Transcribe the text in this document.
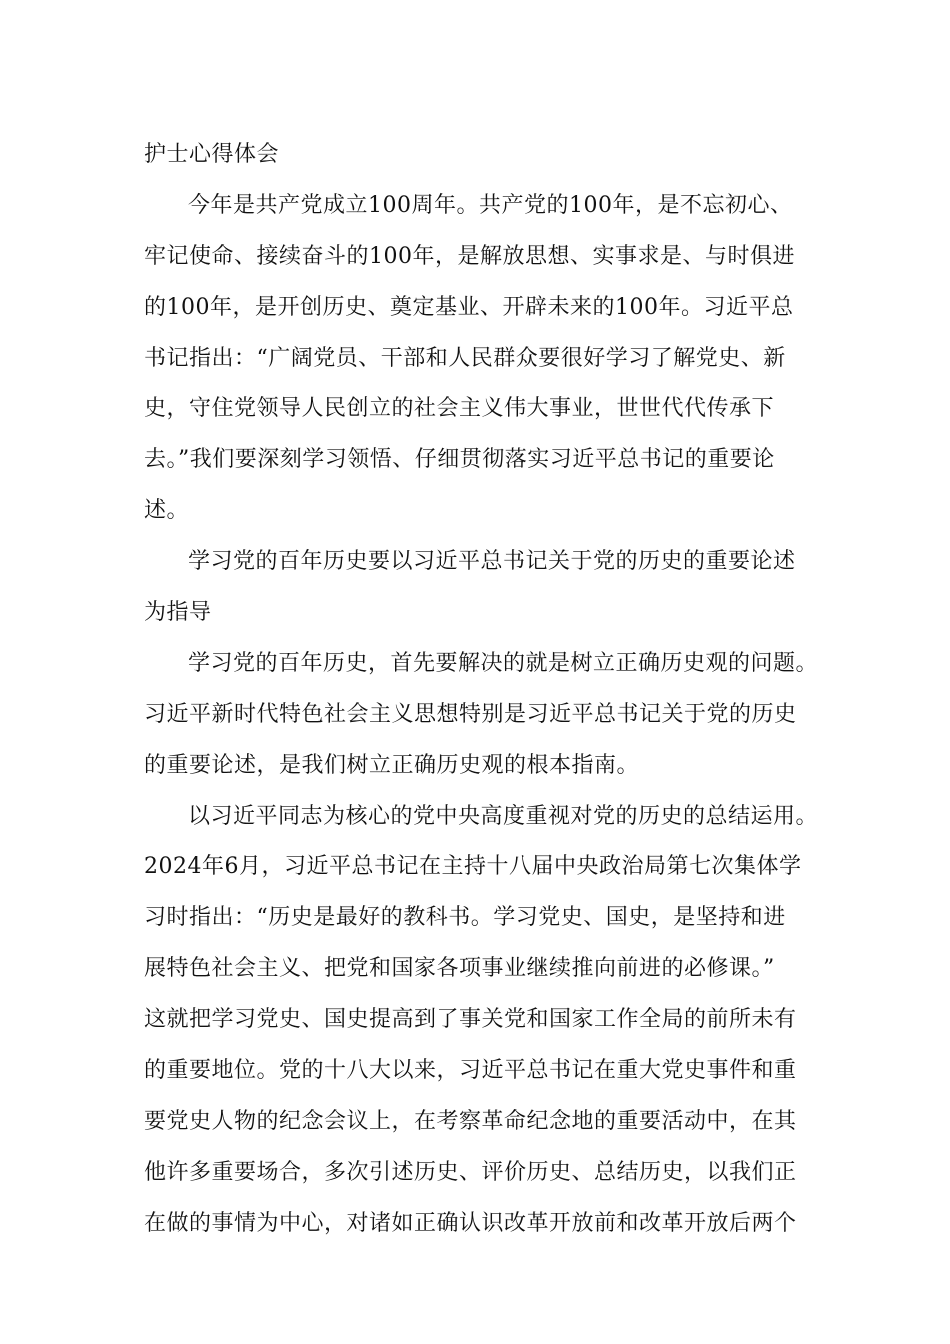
护士心得体会
今年是共产党成立100周年。共产党的100年，是不忘初心、
牢记使命、接续奋斗的100年，是解放思想、实事求是、与时俱进
的100年，是开创历史、奠定基业、开辟未来的100年。习近平总
书记指出：“广阔党员、干部和人民群众要很好学习了解党史、新
史，守住党领导人民创立的社会主义伟大事业，世世代代传承下
去。”我们要深刻学习领悟、仔细贯彻落实习近平总书记的重要论
述。
学习党的百年历史要以习近平总书记关于党的历史的重要论述
为指导
学习党的百年历史，首先要解决的就是树立正确历史观的问题。
习近平新时代特色社会主义思想特别是习近平总书记关于党的历史
的重要论述，是我们树立正确历史观的根本指南。
以习近平同志为核心的党中央高度重视对党的历史的总结运用。
2024年6月，习近平总书记在主持十八届中央政治局第七次集体学
习时指出：“历史是最好的教科书。学习党史、国史，是坚持和进
展特色社会主义、把党和国家各项事业继续推向前进的必修课。”
这就把学习党史、国史提高到了事关党和国家工作全局的前所未有
的重要地位。党的十八大以来，习近平总书记在重大党史事件和重
要党史人物的纪念会议上，在考察革命纪念地的重要活动中，在其
他许多重要场合，多次引述历史、评价历史、总结历史，以我们正
在做的事情为中心，对诸如正确认识改革开放前和改革开放后两个
